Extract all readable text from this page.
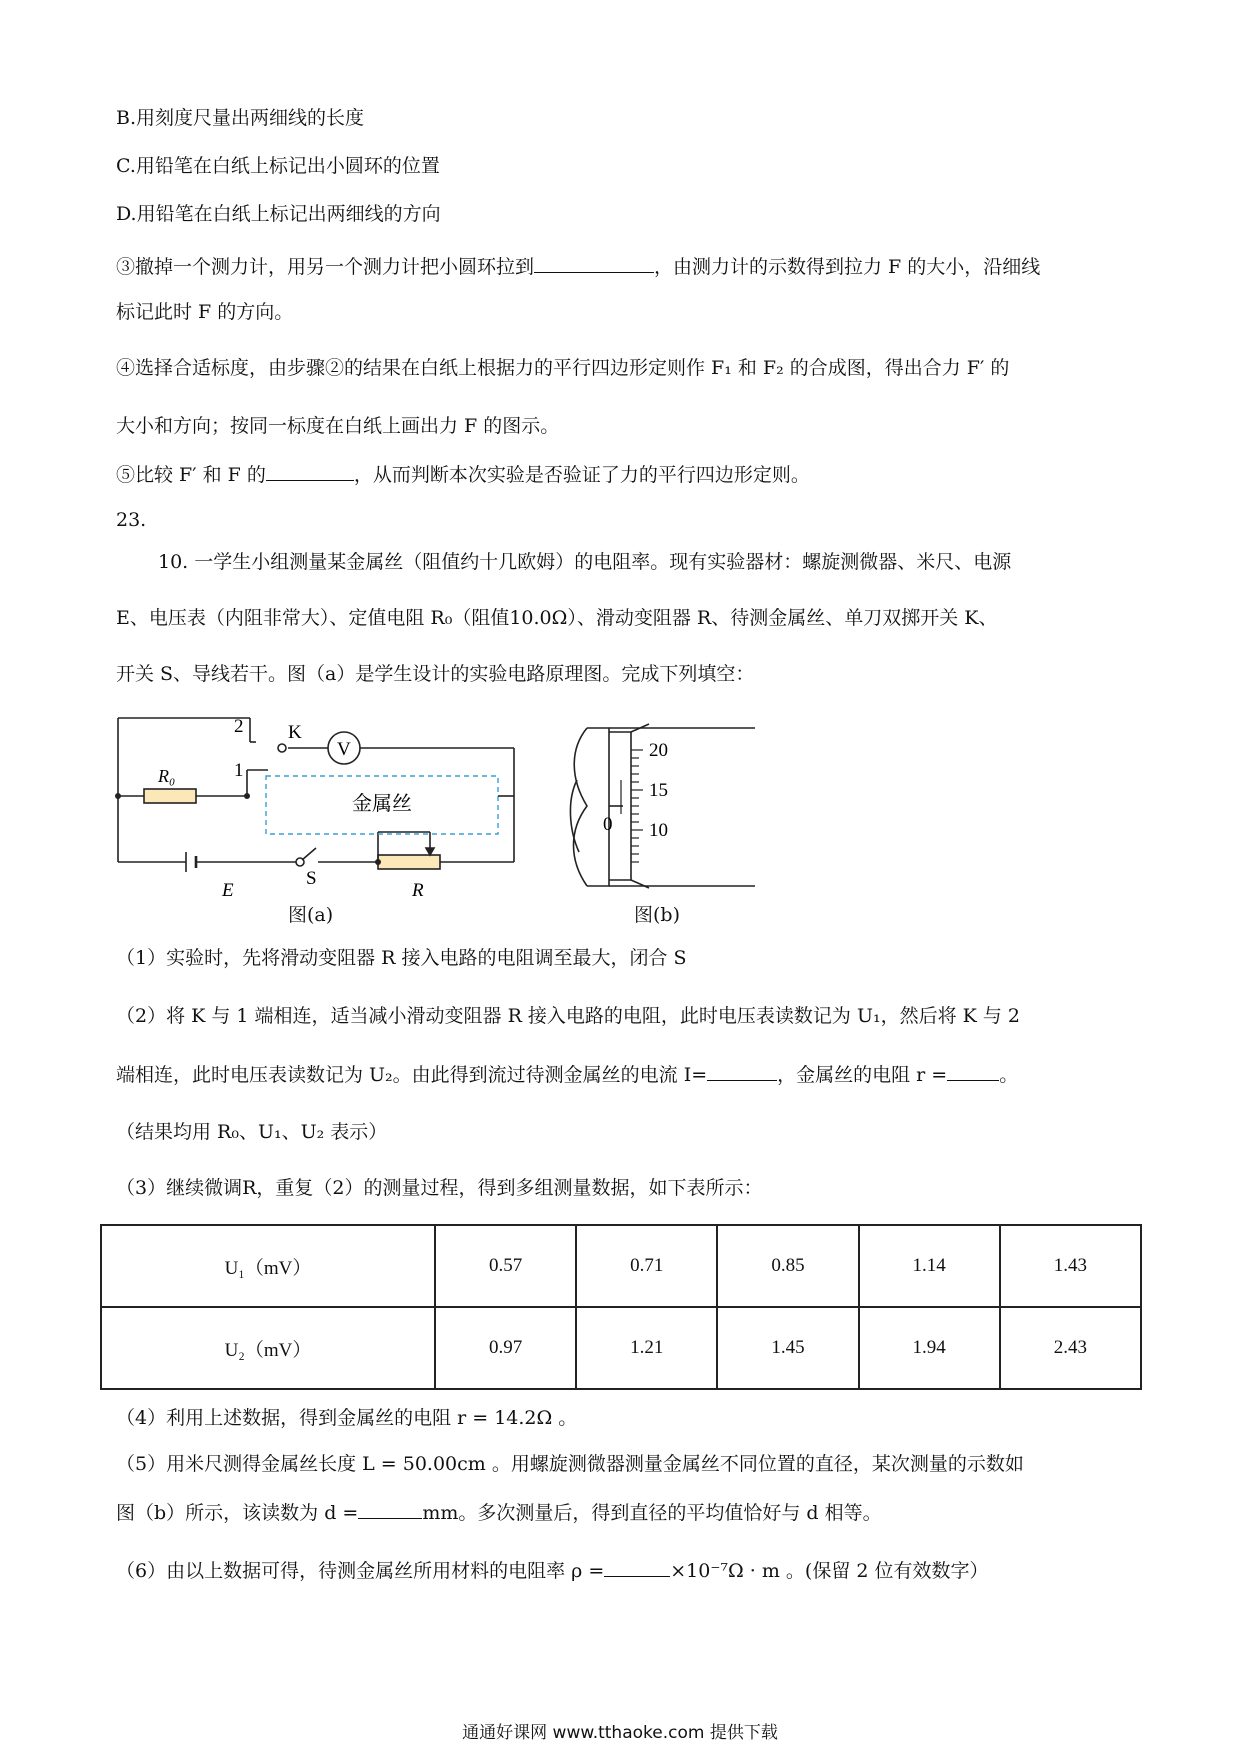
B.用刻度尺量出两细线的长度
C.用铅笔在白纸上标记出小圆环的位置
D.用铅笔在白纸上标记出两细线的方向
③撤掉一个测力计，用另一个测力计把小圆环拉到	，由测力计的示数得到拉力 F 的大小，沿细线
标记此时 F 的方向。
④选择合适标度，由步骤②的结果在白纸上根据力的平行四边形定则作 F₁ 和 F₂ 的合成图，得出合力 F′ 的
大小和方向；按同一标度在白纸上画出力 F 的图示。
⑤比较 F′ 和 F 的	，从而判断本次实验是否验证了力的平行四边形定则。
23.
10. 一学生小组测量某金属丝（阻值约十几欧姆）的电阻率。现有实验器材：螺旋测微器、米尺、电源
E、电压表（内阻非常大）、定值电阻 R₀（阻值10.0Ω）、滑动变阻器 R、待测金属丝、单刀双掷开关 K、
开关 S、导线若干。图（a）是学生设计的实验电路原理图。完成下列填空：
2
1
K
V
R₀
金属丝
S
E	R
图(a)
20
15
10
0
图(b)
（1）实验时，先将滑动变阻器 R 接入电路的电阻调至最大，闭合 S
（2）将 K 与 1 端相连，适当减小滑动变阻器 R 接入电路的电阻，此时电压表读数记为 U₁，然后将 K 与 2
端相连，此时电压表读数记为 U₂。由此得到流过待测金属丝的电流 I=	，金属丝的电阻 r =	。
（结果均用 R₀、U₁、U₂ 表示）
（3）继续微调R，重复（2）的测量过程，得到多组测量数据，如下表所示：
U₁（mV）	0.57	0.71	0.85	1.14	1.43
U₂（mV）	0.97	1.21	1.45	1.94	2.43
（4）利用上述数据，得到金属丝的电阻 r = 14.2Ω 。
（5）用米尺测得金属丝长度 L = 50.00cm 。用螺旋测微器测量金属丝不同位置的直径，某次测量的示数如
图（b）所示，该读数为 d =	mm。多次测量后，得到直径的平均值恰好与 d 相等。
（6）由以上数据可得，待测金属丝所用材料的电阻率 ρ =	×10⁻⁷Ω · m 。(保留 2 位有效数字）
通通好课网 www.tthaoke.com 提供下载
